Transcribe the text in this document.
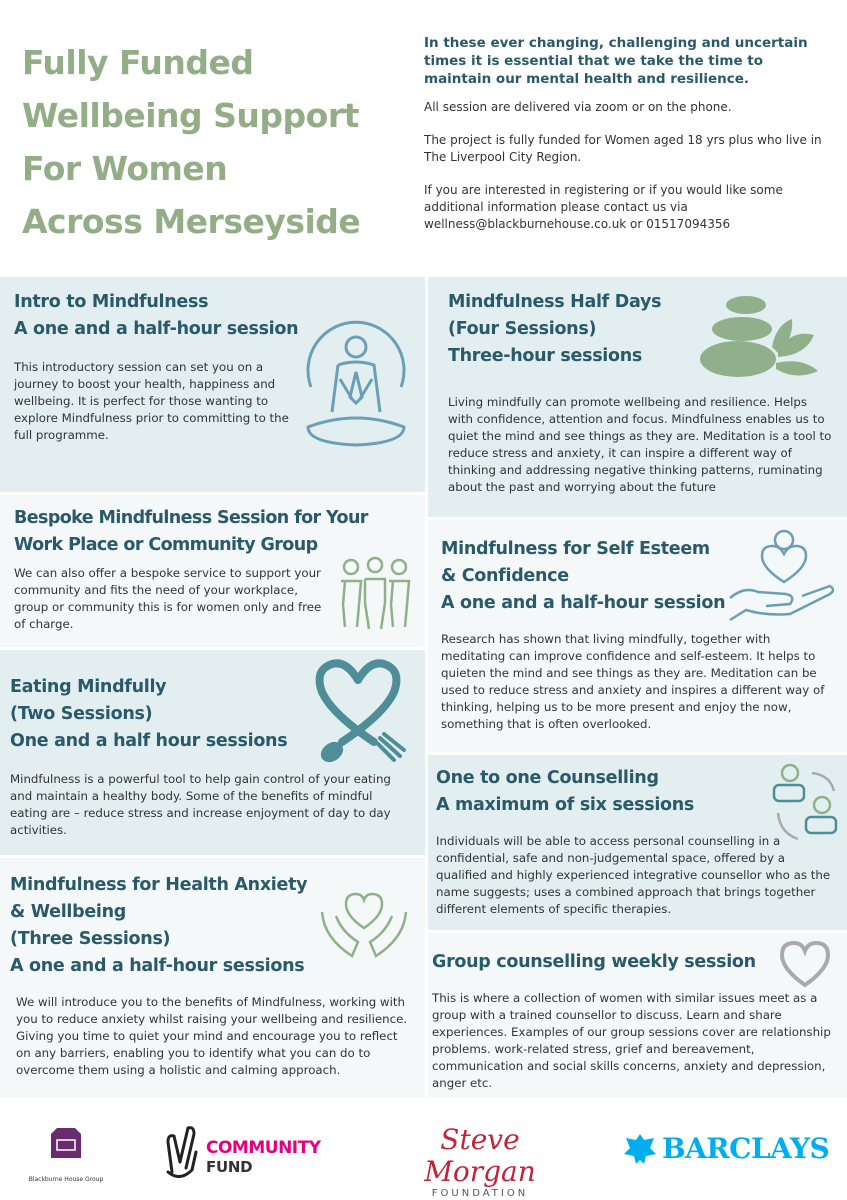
Fully Funded
Wellbeing Support
For Women
Across Merseyside
In these ever changing, challenging and uncertain times it is essential that we take the time to maintain our mental health and resilience.

All session are delivered via zoom or on the phone.

The project is fully funded for Women aged 18 yrs plus who live in The Liverpool City Region.

If you are interested in registering or if you would like some additional information please contact us via wellness@blackburnehouse.co.uk or 01517094356

Intro to Mindfulness
A one and a half-hour session

This introductory session can set you on a journey to boost your health, happiness and wellbeing. It is perfect for those wanting to explore Mindfulness prior to committing to the full programme.

Bespoke Mindfulness Session for Your
Work Place or Community Group

We can also offer a bespoke service to support your community and fits the need of your workplace, group or community this is for women only and free of charge.

Eating Mindfully
(Two Sessions)
One and a half hour sessions

Mindfulness is a powerful tool to help gain control of your eating and maintain a healthy body. Some of the benefits of mindful eating are – reduce stress and increase enjoyment of day to day activities.

Mindfulness for Health Anxiety
& Wellbeing
(Three Sessions)
A one and a half-hour sessions

We will introduce you to the benefits of Mindfulness, working with you to reduce anxiety whilst raising your wellbeing and resilience. Giving you time to quiet your mind and encourage you to reflect on any barriers, enabling you to identify what you can do to overcome them using a holistic and calming approach.

Mindfulness Half Days
(Four Sessions)
Three-hour sessions

Living mindfully can promote wellbeing and resilience. Helps with confidence, attention and focus. Mindfulness enables us to quiet the mind and see things as they are. Meditation is a tool to reduce stress and anxiety, it can inspire a different way of thinking and addressing negative thinking patterns, ruminating about the past and worrying about the future

Mindfulness for Self Esteem
& Confidence
A one and a half-hour session

Research has shown that living mindfully, together with meditating can improve confidence and self-esteem. It helps to quieten the mind and see things as they are. Meditation can be used to reduce stress and anxiety and inspires a different way of thinking, helping us to be more present and enjoy the now, something that is often overlooked.

One to one Counselling
A maximum of six sessions

Individuals will be able to access personal counselling in a confidential, safe and non-judgemental space, offered by a qualified and highly experienced integrative counsellor who as the name suggests; uses a combined approach that brings together different elements of specific therapies.

Group counselling weekly session

This is where a collection of women with similar issues meet as a group with a trained counsellor to discuss. Learn and share experiences. Examples of our group sessions cover are relationship problems. work-related stress, grief and bereavement, communication and social skills concerns, anxiety and depression, anger etc.

Blackburne House Group
COMMUNITY
FUND
Steve Morgan
FOUNDATION
BARCLAYS
